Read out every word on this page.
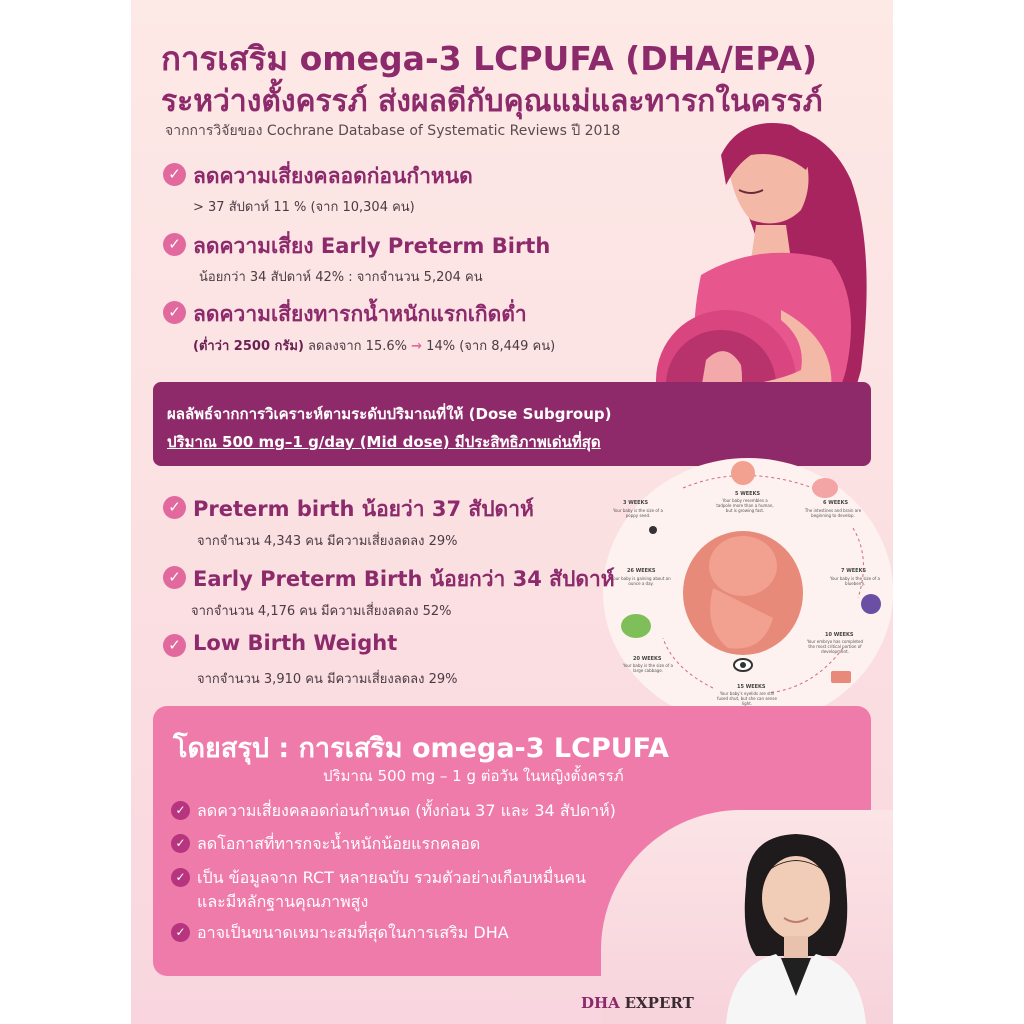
การเสริม omega-3 LCPUFA (DHA/EPA)
ระหว่างตั้งครรภ์ ส่งผลดีกับคุณแม่และทารกในครรภ์
จากการวิจัยของ Cochrane Database of Systematic Reviews ปี 2018
✓ ลดความเสี่ยงคลอดก่อนกำหนด
> 37 สัปดาห์ 11 % (จาก 10,304 คน)
✓ ลดความเสี่ยง Early Preterm Birth
น้อยกว่า 34 สัปดาห์ 42% : จากจำนวน 5,204 คน
✓ ลดความเสี่ยงทารกน้ำหนักแรกเกิดต่ำ
(ต่ำว่า 2500 กรัม) ลดลงจาก 15.6% → 14% (จาก 8,449 คน)
ผลลัพธ์จากการวิเคราะห์ตามระดับปริมาณที่ให้ (Dose Subgroup)
ปริมาณ 500 mg–1 g/day (Mid dose) มีประสิทธิภาพเด่นที่สุด
3 WEEKS
Your baby is the size of a poppy seed.
5 WEEKS
Your baby resembles a tadpole more than a human, but is growing fast.
6 WEEKS
The intestines and brain are beginning to develop.
7 WEEKS
Your baby is the size of a blueberry.
10 WEEKS
Your embryo has completed the most critical portion of development.
15 WEEKS
Your baby's eyelids are still fused shut, but she can sense light.
20 WEEKS
Your baby is the size of a large cabbage.
26 WEEKS
Your baby is gaining about an ounce a day.
✓ Preterm birth น้อยว่า 37 สัปดาห์
จากจำนวน 4,343 คน มีความเสี่ยงลดลง 29%
✓ Early Preterm Birth น้อยกว่า 34 สัปดาห์
จากจำนวน 4,176 คน มีความเสี่ยงลดลง 52%
✓ Low Birth Weight
จากจำนวน 3,910 คน มีความเสี่ยงลดลง 29%
โดยสรุป : การเสริม omega-3 LCPUFA
ปริมาณ 500 mg – 1 g ต่อวัน ในหญิงตั้งครรภ์
✓ ลดความเสี่ยงคลอดก่อนกำหนด (ทั้งก่อน 37 และ 34 สัปดาห์)
✓ ลดโอกาสที่ทารกจะน้ำหนักน้อยแรกคลอด
✓ เป็น ข้อมูลจาก RCT หลายฉบับ รวมตัวอย่างเกือบหมื่นคน
และมีหลักฐานคุณภาพสูง
✓ อาจเป็นขนาดเหมาะสมที่สุดในการเสริม DHA
DHA EXPERT
